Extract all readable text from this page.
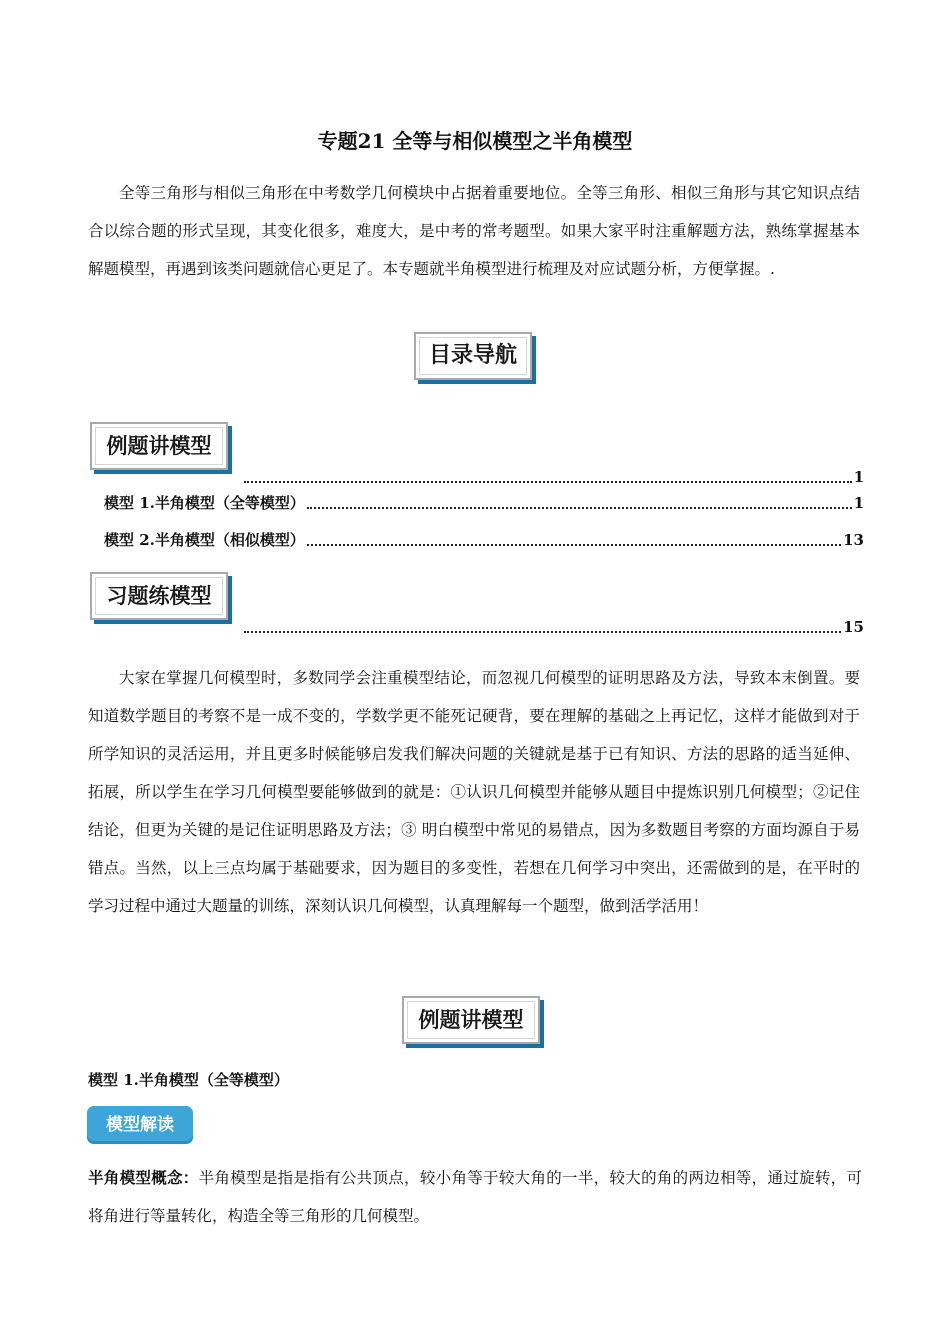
专题21 全等与相似模型之半角模型
全等三角形与相似三角形在中考数学几何模块中占据着重要地位。全等三角形、相似三角形与其它知识点结合以综合题的形式呈现，其变化很多，难度大，是中考的常考题型。如果大家平时注重解题方法，熟练掌握基本解题模型，再遇到该类问题就信心更足了。本专题就半角模型进行梳理及对应试题分析，方便掌握。.
目录导航
例题讲模型
1
模型 1.半角模型（全等模型）	1
模型 2.半角模型（相似模型）	13
习题练模型
15
大家在掌握几何模型时，多数同学会注重模型结论，而忽视几何模型的证明思路及方法，导致本末倒置。要知道数学题目的考察不是一成不变的，学数学更不能死记硬背，要在理解的基础之上再记忆，这样才能做到对于所学知识的灵活运用，并且更多时候能够启发我们解决问题的关键就是基于已有知识、方法的思路的适当延伸、拓展，所以学生在学习几何模型要能够做到的就是：①认识几何模型并能够从题目中提炼识别几何模型；②记住结论，但更为关键的是记住证明思路及方法；③ 明白模型中常见的易错点，因为多数题目考察的方面均源自于易错点。当然，以上三点均属于基础要求，因为题目的多变性，若想在几何学习中突出，还需做到的是，在平时的学习过程中通过大题量的训练，深刻认识几何模型，认真理解每一个题型，做到活学活用！
例题讲模型
模型 1.半角模型（全等模型）
模型解读
半角模型概念：半角模型是指是指有公共顶点，较小角等于较大角的一半，较大的角的两边相等，通过旋转，可将角进行等量转化，构造全等三角形的几何模型。
